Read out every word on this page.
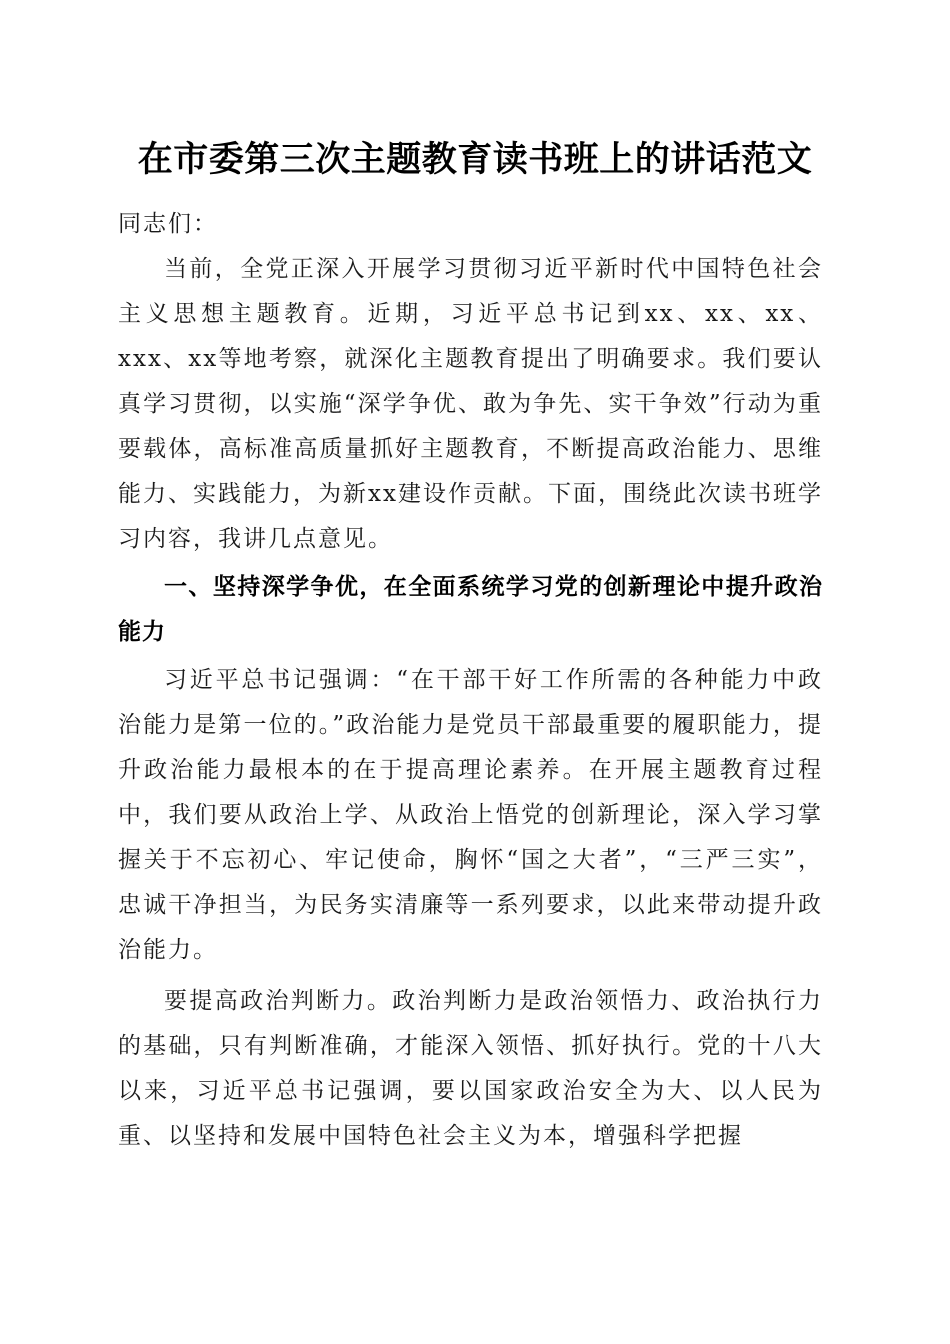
在市委第三次主题教育读书班上的讲话范文

同志们：

当前，全党正深入开展学习贯彻习近平新时代中国特色社会主义思想主题教育。近期，习近平总书记到xx、xx、xx、xxx、xx等地考察，就深化主题教育提出了明确要求。我们要认真学习贯彻，以实施“深学争优、敢为争先、实干争效”行动为重要载体，高标准高质量抓好主题教育，不断提高政治能力、思维能力、实践能力，为新xx建设作贡献。下面，围绕此次读书班学习内容，我讲几点意见。

一、坚持深学争优，在全面系统学习党的创新理论中提升政治能力

习近平总书记强调：“在干部干好工作所需的各种能力中政治能力是第一位的。”政治能力是党员干部最重要的履职能力，提升政治能力最根本的在于提高理论素养。在开展主题教育过程中，我们要从政治上学、从政治上悟党的创新理论，深入学习掌握关于不忘初心、牢记使命，胸怀“国之大者”，“三严三实”，忠诚干净担当，为民务实清廉等一系列要求，以此来带动提升政治能力。

要提高政治判断力。政治判断力是政治领悟力、政治执行力的基础，只有判断准确，才能深入领悟、抓好执行。党的十八大以来，习近平总书记强调，要以国家政治安全为大、以人民为重、以坚持和发展中国特色社会主义为本，增强科学把握
